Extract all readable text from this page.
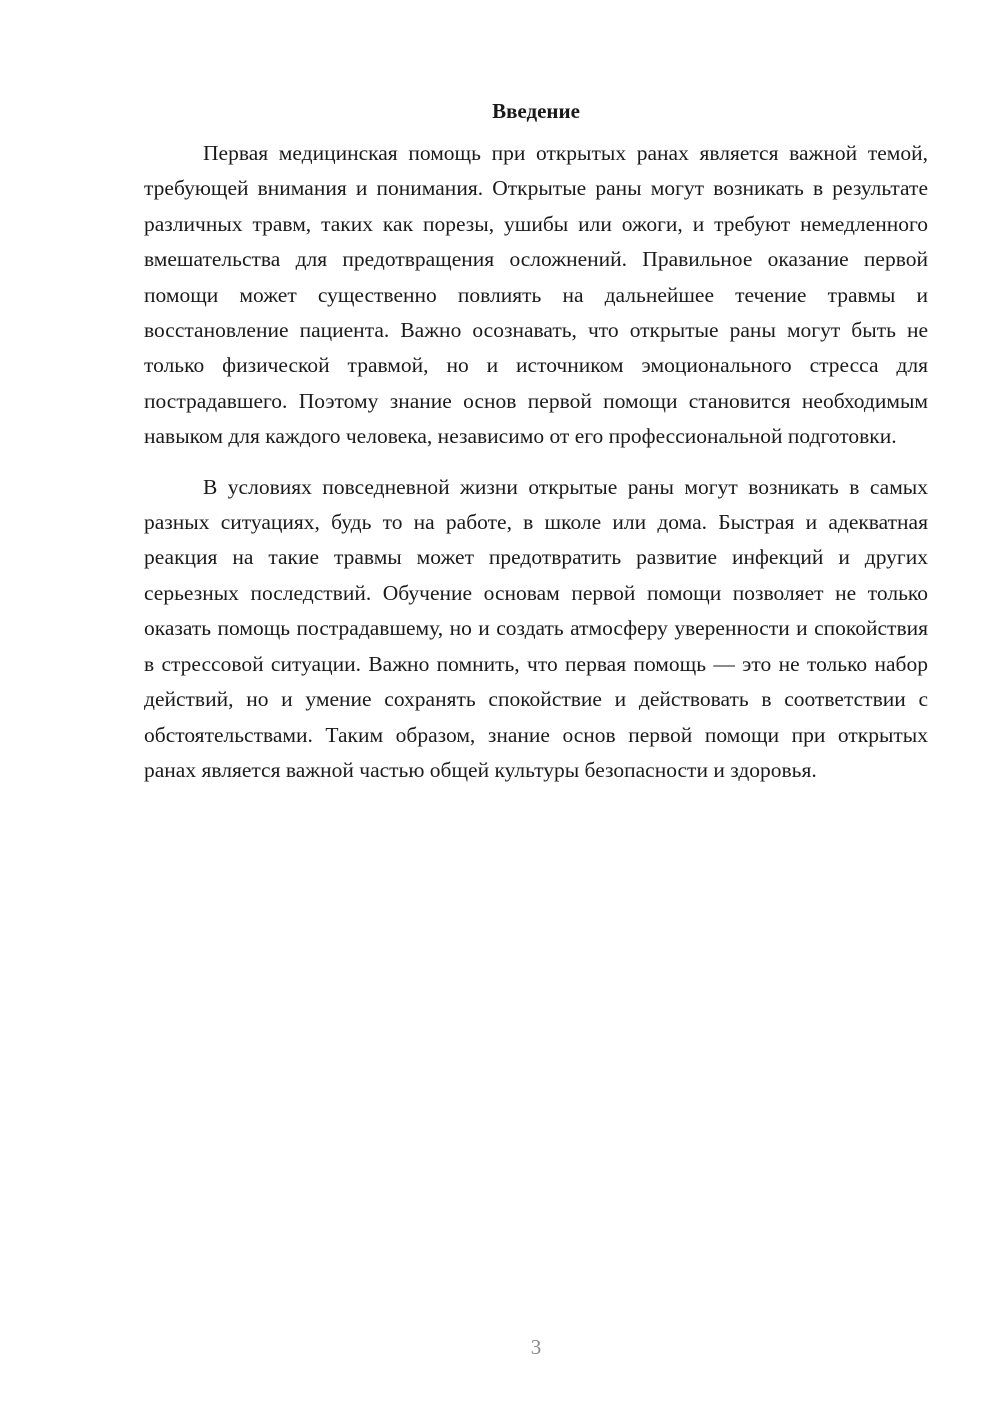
Введение

Первая медицинская помощь при открытых ранах является важной темой, требующей внимания и понимания. Открытые раны могут возникать в результате различных травм, таких как порезы, ушибы или ожоги, и требуют немедленного вмешательства для предотвращения осложнений. Правильное оказание первой помощи может существенно повлиять на дальнейшее течение травмы и восстановление пациента. Важно осознавать, что открытые раны могут быть не только физической травмой, но и источником эмоционального стресса для пострадавшего. Поэтому знание основ первой помощи становится необходимым навыком для каждого человека, независимо от его профессиональной подготовки.

В условиях повседневной жизни открытые раны могут возникать в самых разных ситуациях, будь то на работе, в школе или дома. Быстрая и адекватная реакция на такие травмы может предотвратить развитие инфекций и других серьезных последствий. Обучение основам первой помощи позволяет не только оказать помощь пострадавшему, но и создать атмосферу уверенности и спокойствия в стрессовой ситуации. Важно помнить, что первая помощь — это не только набор действий, но и умение сохранять спокойствие и действовать в соответствии с обстоятельствами. Таким образом, знание основ первой помощи при открытых ранах является важной частью общей культуры безопасности и здоровья.

3
